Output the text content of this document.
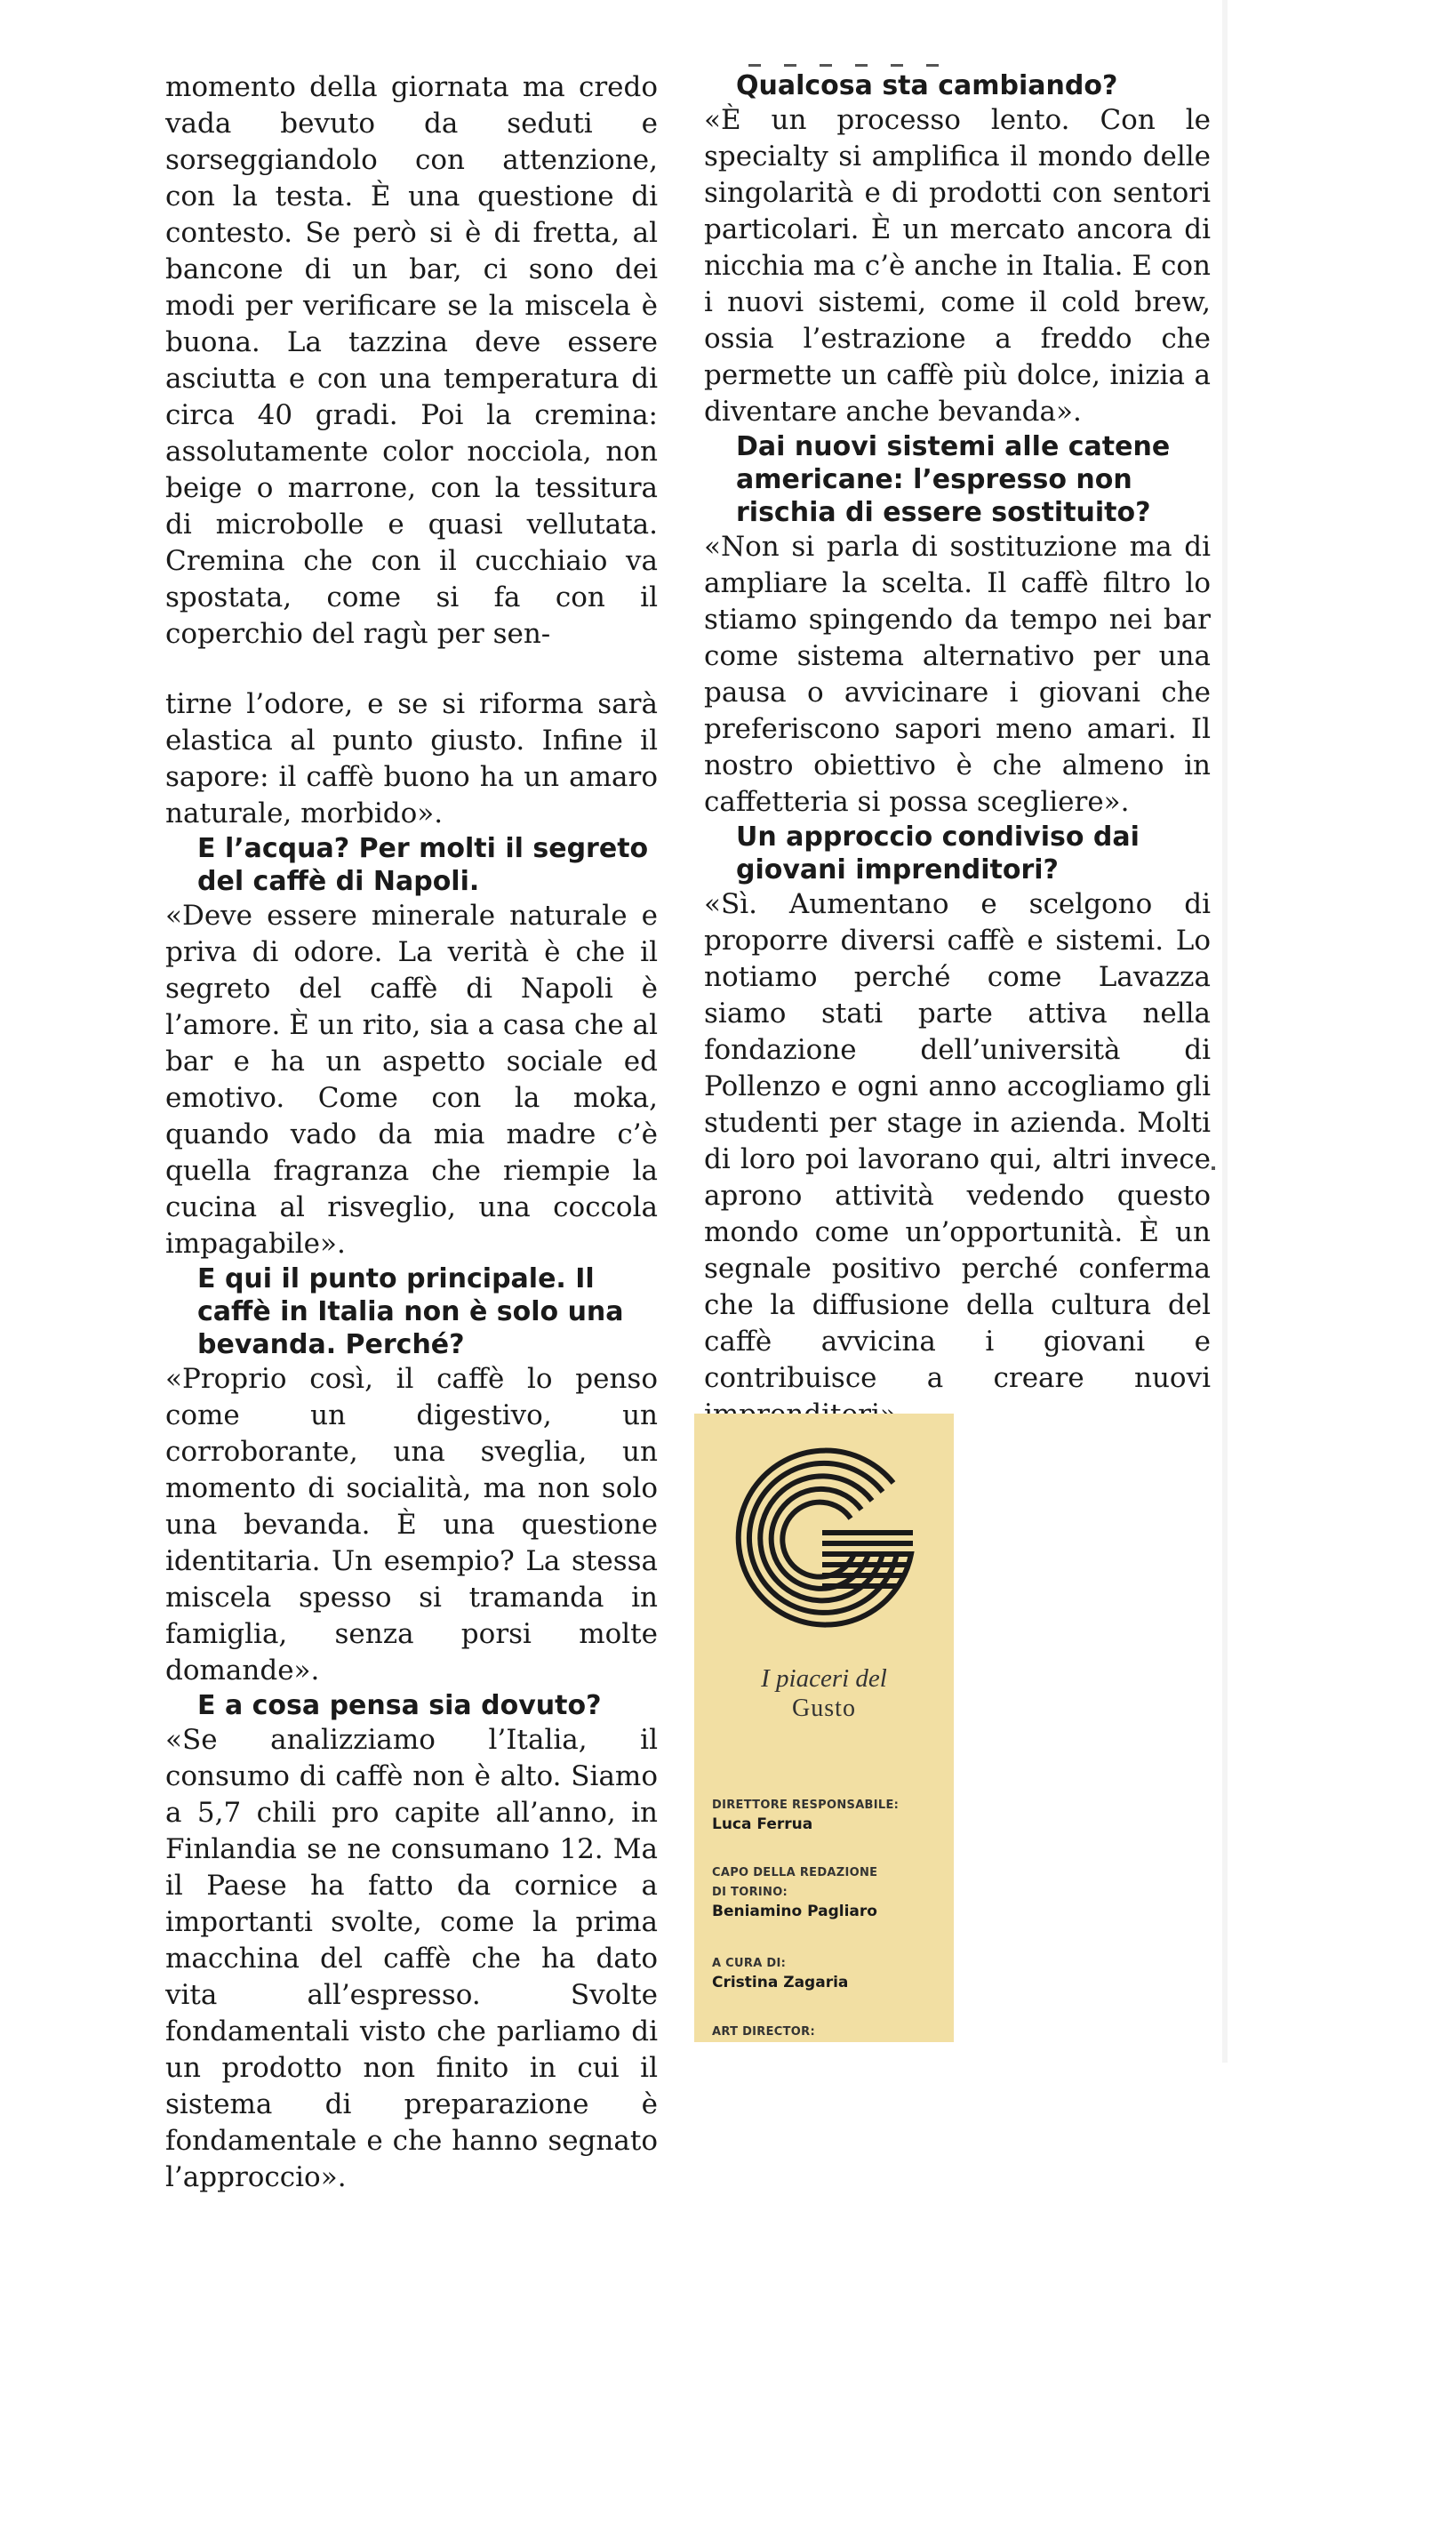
momento della giornata ma credo vada bevuto da seduti e sorseggiandolo con attenzione, con la testa. È una questione di contesto. Se però si è di fretta, al bancone di un bar, ci sono dei modi per verificare se la miscela è buona. La tazzina deve essere asciutta e con una temperatura di circa 40 gradi. Poi la cremina: assolutamente color nocciola, non beige o marrone, con la tessitura di microbolle e quasi vellutata. Cremina che con il cucchiaio va spostata, come si fa con il coperchio del ragù per sen-

tirne l’odore, e se si riforma sarà elastica al punto giusto. Infine il sapore: il caffè buono ha un amaro naturale, morbido».

E l’acqua? Per molti il segreto del caffè di Napoli.

«Deve essere minerale naturale e priva di odore. La verità è che il segreto del caffè di Napoli è l’amore. È un rito, sia a casa che al bar e ha un aspetto sociale ed emotivo. Come con la moka, quando vado da mia madre c’è quella fragranza che riempie la cucina al risveglio, una coccola impagabile».

E qui il punto principale. Il caffè in Italia non è solo una bevanda. Perché?

«Proprio così, il caffè lo penso come un digestivo, un corroborante, una sveglia, un momento di socialità, ma non solo una bevanda. È una questione identitaria. Un esempio? La stessa miscela spesso si tramanda in famiglia, senza porsi molte domande».

E a cosa pensa sia dovuto?

«Se analizziamo l’Italia, il consumo di caffè non è alto. Siamo a 5,7 chili pro capite all’anno, in Finlandia se ne consumano 12. Ma il Paese ha fatto da cornice a importanti svolte, come la prima macchina del caffè che ha dato vita all’espresso. Svolte fondamentali visto che parliamo di un prodotto non finito in cui il sistema di preparazione è fondamentale e che hanno segnato l’approccio».

Qualcosa sta cambiando?

«È un processo lento. Con le specialty si amplifica il mondo delle singolarità e di prodotti con sentori particolari. È un mercato ancora di nicchia ma c’è anche in Italia. E con i nuovi sistemi, come il cold brew, ossia l’estrazione a freddo che permette un caffè più dolce, inizia a diventare anche bevanda».

Dai nuovi sistemi alle catene americane: l’espresso non rischia di essere sostituito?

«Non si parla di sostituzione ma di ampliare la scelta. Il caffè filtro lo stiamo spingendo da tempo nei bar come sistema alternativo per una pausa o avvicinare i giovani che preferiscono sapori meno amari. Il nostro obiettivo è che almeno in caffetteria si possa scegliere».

Un approccio condiviso dai giovani imprenditori?

«Sì. Aumentano e scelgono di proporre diversi caffè e sistemi. Lo notiamo perché come Lavazza siamo stati parte attiva nella fondazione dell’università di Pollenzo e ogni anno accogliamo gli studenti per stage in azienda. Molti di loro poi lavorano qui, altri invece aprono attività vedendo questo mondo come un’opportunità. È un segnale positivo perché conferma che la diffusione della cultura del caffè avvicina i giovani e contribuisce a creare nuovi

I piaceri del
Gusto
DIRETTORE RESPONSABILE:
Luca Ferrua
CAPO DELLA REDAZIONE
DI TORINO:
Beniamino Pagliaro
A CURA DI:
Cristina Zagaria
ART DIRECTOR:
